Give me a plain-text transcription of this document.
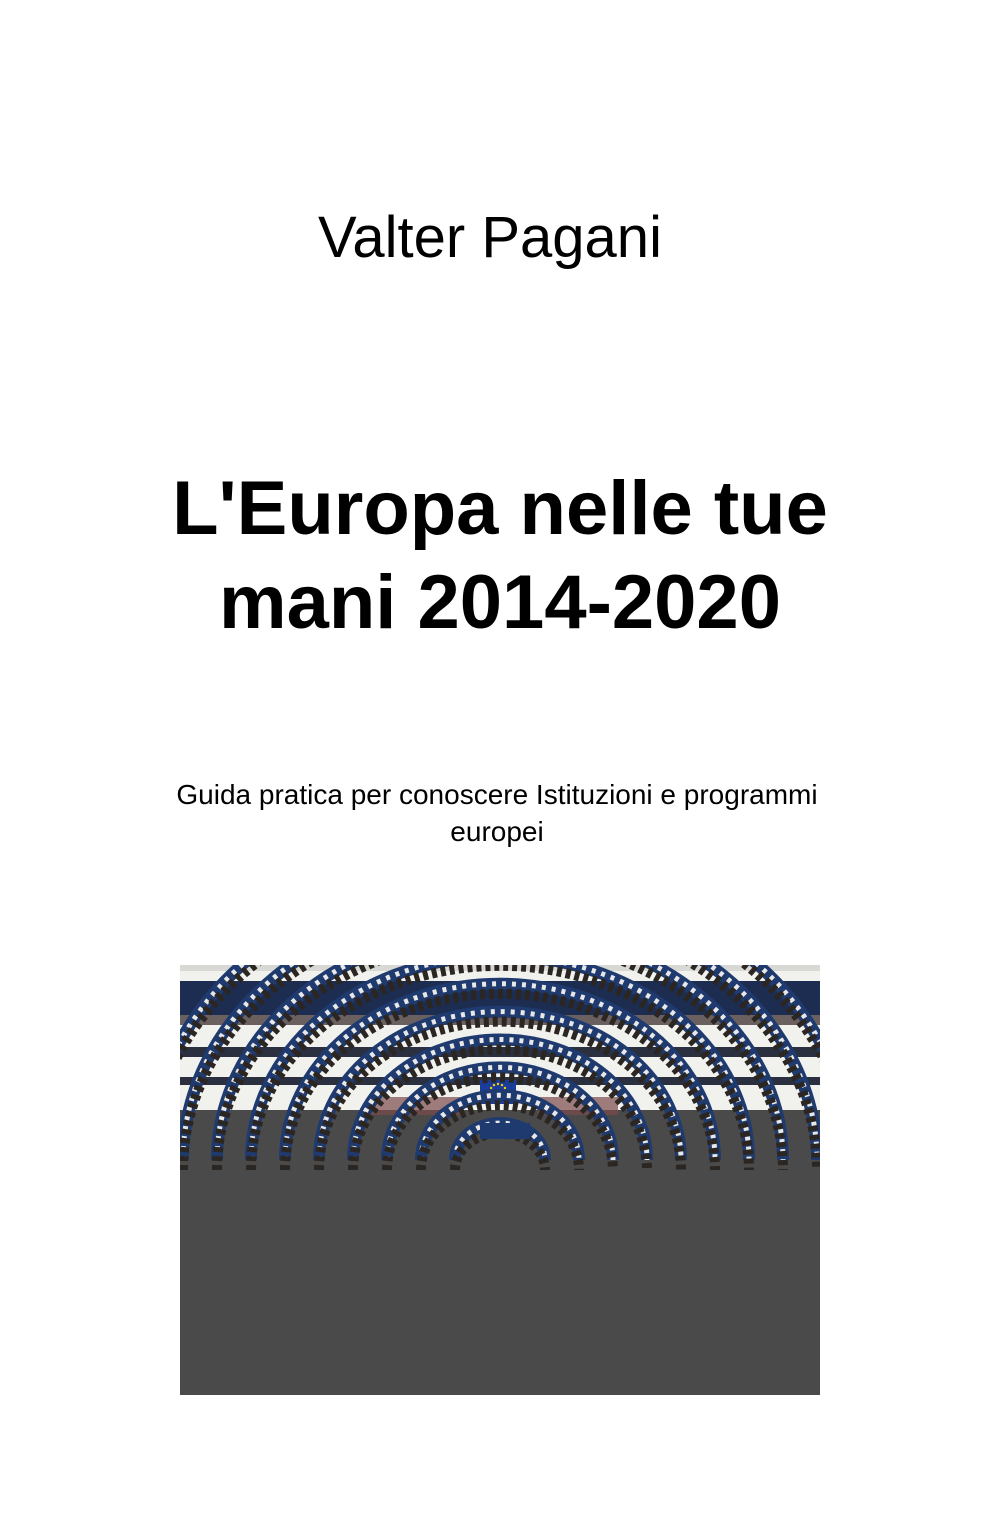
Valter Pagani
L'Europa nelle tue
mani 2014-2020
Guida pratica per conoscere Istituzioni e programmi
europei
